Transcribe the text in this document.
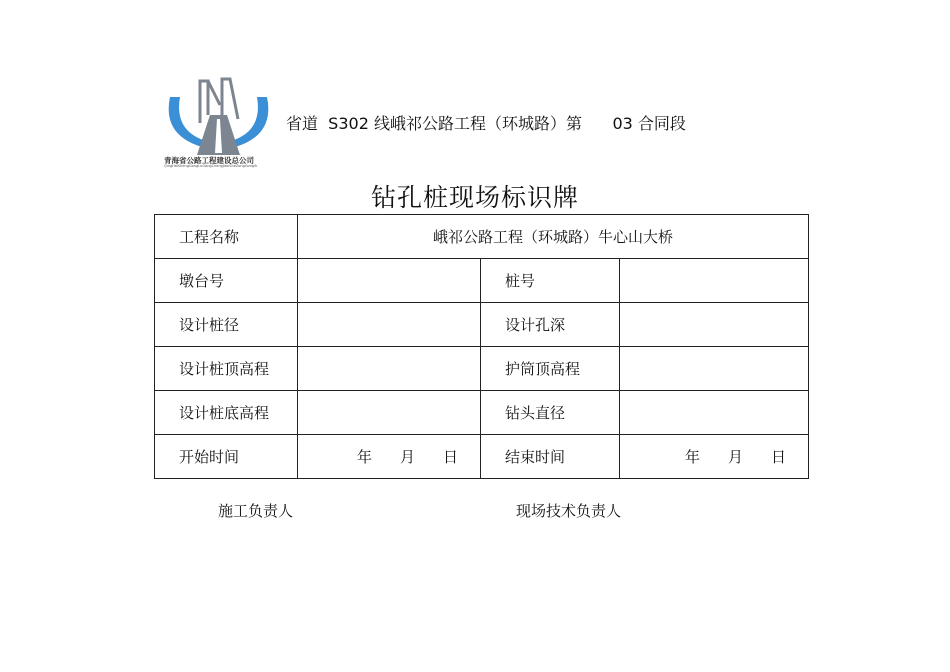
青海省公路工程建设总公司
QingHaiShengGongLuGongChengJianSheZongGongSi
省道  S302 线峨祁公路工程（环城路）第      03 合同段
钻孔桩现场标识牌
工程名称	峨祁公路工程（环城路）牛心山大桥		
墩台号		桩号	
设计桩径		设计孔深	
设计桩顶高程		护筒顶高程	
设计桩底高程		钻头直径	
开始时间	年 月 日	结束时间	年 月 日
施工负责人	现场技术负责人
